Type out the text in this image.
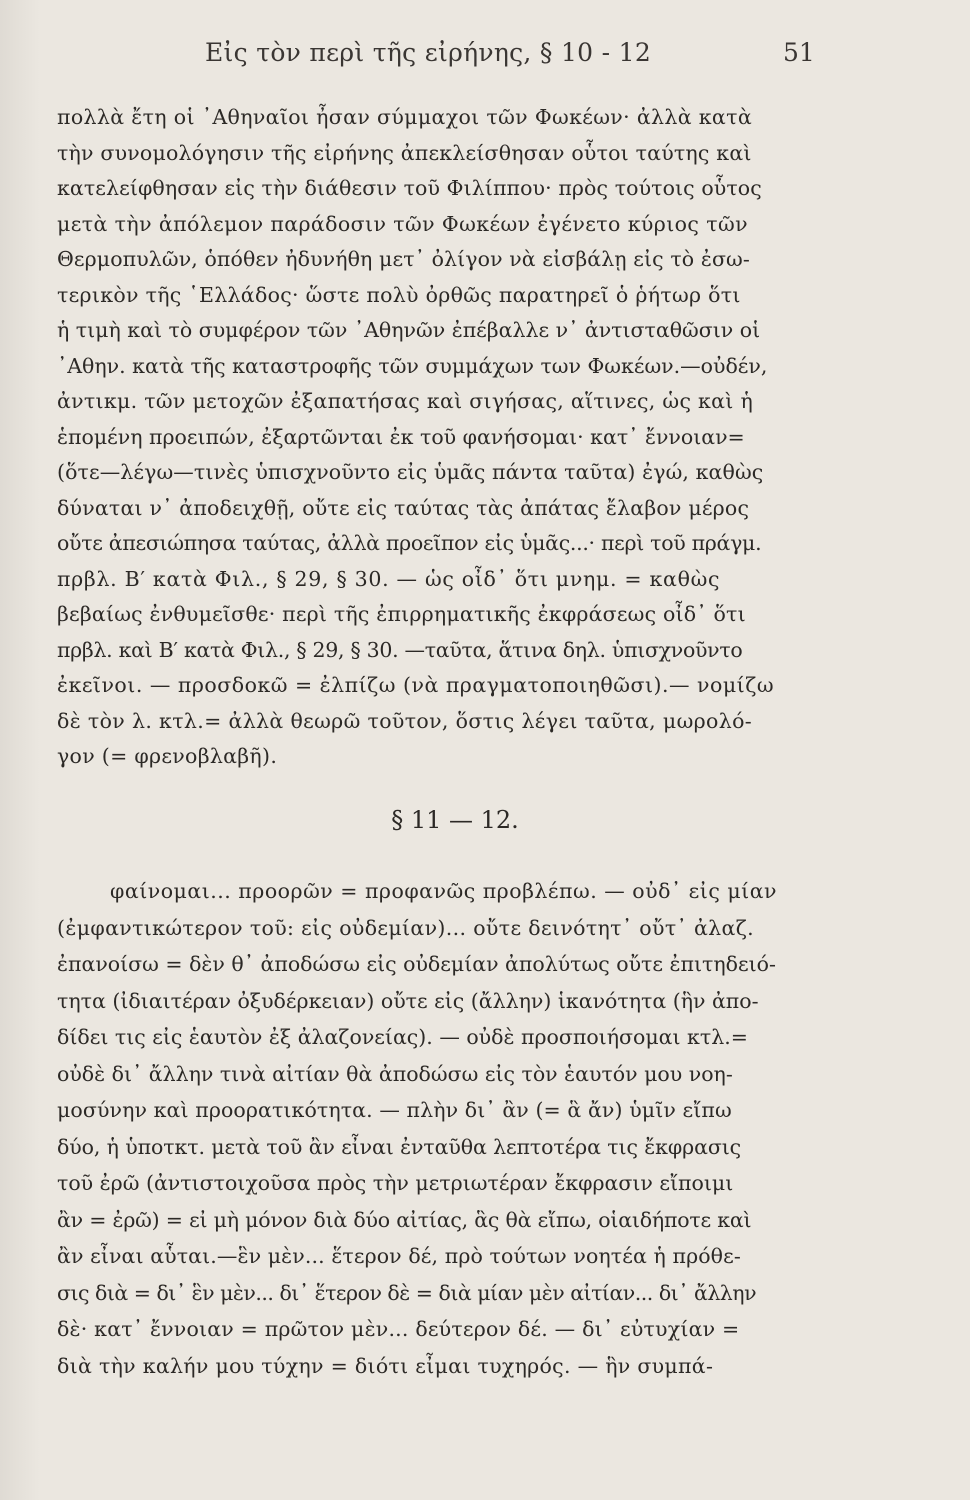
Εἰς τὸν περὶ τῆς εἰρήνης, § 10 - 12	51
πολλὰ ἔτη οἱ ᾿Αθηναῖοι ἦσαν σύμμαχοι τῶν Φωκέων· ἀλλὰ κατὰ
τὴν συνομολόγησιν τῆς εἰρήνης ἀπεκλείσθησαν οὗτοι ταύτης καὶ
κατελείφθησαν εἰς τὴν διάθεσιν τοῦ Φιλίππου· πρὸς τούτοις οὗτος
μετὰ τὴν ἀπόλεμον παράδοσιν τῶν Φωκέων ἐγένετο κύριος τῶν
Θερμοπυλῶν, ὁπόθεν ἠδυνήθη μετ᾿ ὀλίγον νὰ εἰσβάλῃ εἰς τὸ ἐσω-
τερικὸν τῆς ῾Ελλάδος· ὥστε πολὺ ὀρθῶς παρατηρεῖ ὁ ῥήτωρ ὅτι
ἡ τιμὴ καὶ τὸ συμφέρον τῶν ᾿Αθηνῶν ἐπέβαλλε ν᾿ ἀντισταθῶσιν οἱ
᾿Αθην. κατὰ τῆς καταστροφῆς τῶν συμμάχων των Φωκέων.—οὐδέν,
ἀντικμ. τῶν μετοχῶν ἐξαπατήσας καὶ σιγήσας, αἵτινες, ὡς καὶ ἡ
ἑπομένη προειπών, ἐξαρτῶνται ἐκ τοῦ φανήσομαι· κατ᾿ ἔννοιαν=
(ὅτε—λέγω—τινὲς ὑπισχνοῦντο εἰς ὑμᾶς πάντα ταῦτα) ἐγώ, καθὼς
δύναται ν᾿ ἀποδειχθῇ, οὔτε εἰς ταύτας τὰς ἀπάτας ἔλαβον μέρος
οὔτε ἀπεσιώπησα ταύτας, ἀλλὰ προεῖπον εἰς ὑμᾶς...· περὶ τοῦ πράγμ.
πρβλ. Β′ κατὰ Φιλ., § 29, § 30. — ὡς οἶδ᾿ ὅτι μνημ. = καθὼς
βεβαίως ἐνθυμεῖσθε· περὶ τῆς ἐπιρρηματικῆς ἐκφράσεως οἶδ᾿ ὅτι
πρβλ. καὶ Β′ κατὰ Φιλ., § 29, § 30. —ταῦτα, ἅτινα δηλ. ὑπισχνοῦντο
ἐκεῖνοι. — προσδοκῶ = ἐλπίζω (νὰ πραγματοποιηθῶσι).— νομίζω
δὲ τὸν λ. κτλ.= ἀλλὰ θεωρῶ τοῦτον, ὅστις λέγει ταῦτα, μωρολό-
γον (= φρενοβλαβῆ).
§ 11 — 12.
φαίνομαι... προορῶν = προφανῶς προβλέπω. — οὐδ᾿ εἰς μίαν
(ἐμφαντικώτερον τοῦ: εἰς οὐδεμίαν)... οὔτε δεινότητ᾿ οὔτ᾿ ἀλαζ.
ἐπανοίσω = δὲν θ᾿ ἀποδώσω εἰς οὐδεμίαν ἀπολύτως οὔτε ἐπιτηδειό-
τητα (ἰδιαιτέραν ὀξυδέρκειαν) οὔτε εἰς (ἄλλην) ἱκανότητα (ἣν ἀπο-
δίδει τις εἰς ἑαυτὸν ἐξ ἀλαζονείας). — οὐδὲ προσποιήσομαι κτλ.=
οὐδὲ δι᾿ ἄλλην τινὰ αἰτίαν θὰ ἀποδώσω εἰς τὸν ἑαυτόν μου νοη-
μοσύνην καὶ προορατικότητα. — πλὴν δι᾿ ἂν (= ἃ ἄν) ὑμῖν εἴπω
δύο, ἡ ὑποτκτ. μετὰ τοῦ ἂν εἶναι ἐνταῦθα λεπτοτέρα τις ἔκφρασις
τοῦ ἐρῶ (ἀντιστοιχοῦσα πρὸς τὴν μετριωτέραν ἔκφρασιν εἴποιμι
ἂν = ἐρῶ) = εἰ μὴ μόνον διὰ δύο αἰτίας, ἃς θὰ εἴπω, οἱαιδήποτε καὶ
ἂν εἶναι αὗται.—ἓν μὲν... ἕτερον δέ, πρὸ τούτων νοητέα ἡ πρόθε-
σις διὰ = δι᾿ ἓν μὲν... δι᾿ ἕτερον δὲ = διὰ μίαν μὲν αἰτίαν... δι᾿ ἄλλην
δὲ· κατ᾿ ἔννοιαν = πρῶτον μὲν... δεύτερον δέ. — δι᾿ εὐτυχίαν =
διὰ τὴν καλήν μου τύχην = διότι εἶμαι τυχηρός. — ἣν συμπά-
